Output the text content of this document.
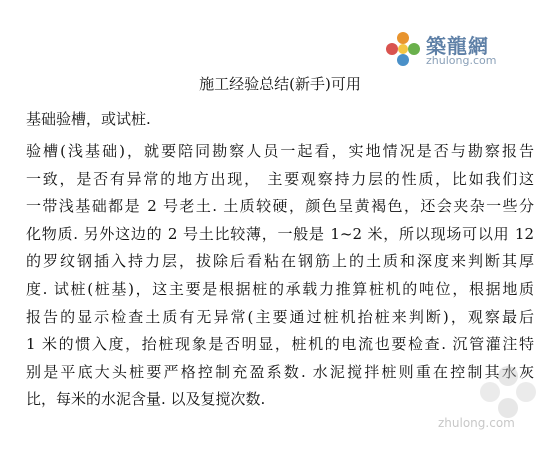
築龍網
zhulong.com
施工经验总结(新手)可用
基础验槽，或试桩.
验槽(浅基础)，就要陪同勘察人员一起看，实地情况是否与勘察报告
一致，是否有异常的地方出现， 主要观察持力层的性质，比如我们这
一带浅基础都是 2 号老土. 土质较硬，颜色呈黄褐色，还会夹杂一些分
化物质. 另外这边的 2 号土比较薄，一般是 1~2 米，所以现场可以用 12
的罗纹钢插入持力层，拔除后看粘在钢筋上的土质和深度来判断其厚
度. 试桩(桩基)，这主要是根据桩的承载力推算桩机的吨位，根据地质
报告的显示检查土质有无异常(主要通过桩机抬桩来判断)，观察最后
1 米的惯入度，抬桩现象是否明显，桩机的电流也要检查. 沉管灌注特
别是平底大头桩要严格控制充盈系数. 水泥搅拌桩则重在控制其水灰
比，每米的水泥含量. 以及复搅次数.
zhulong.com
